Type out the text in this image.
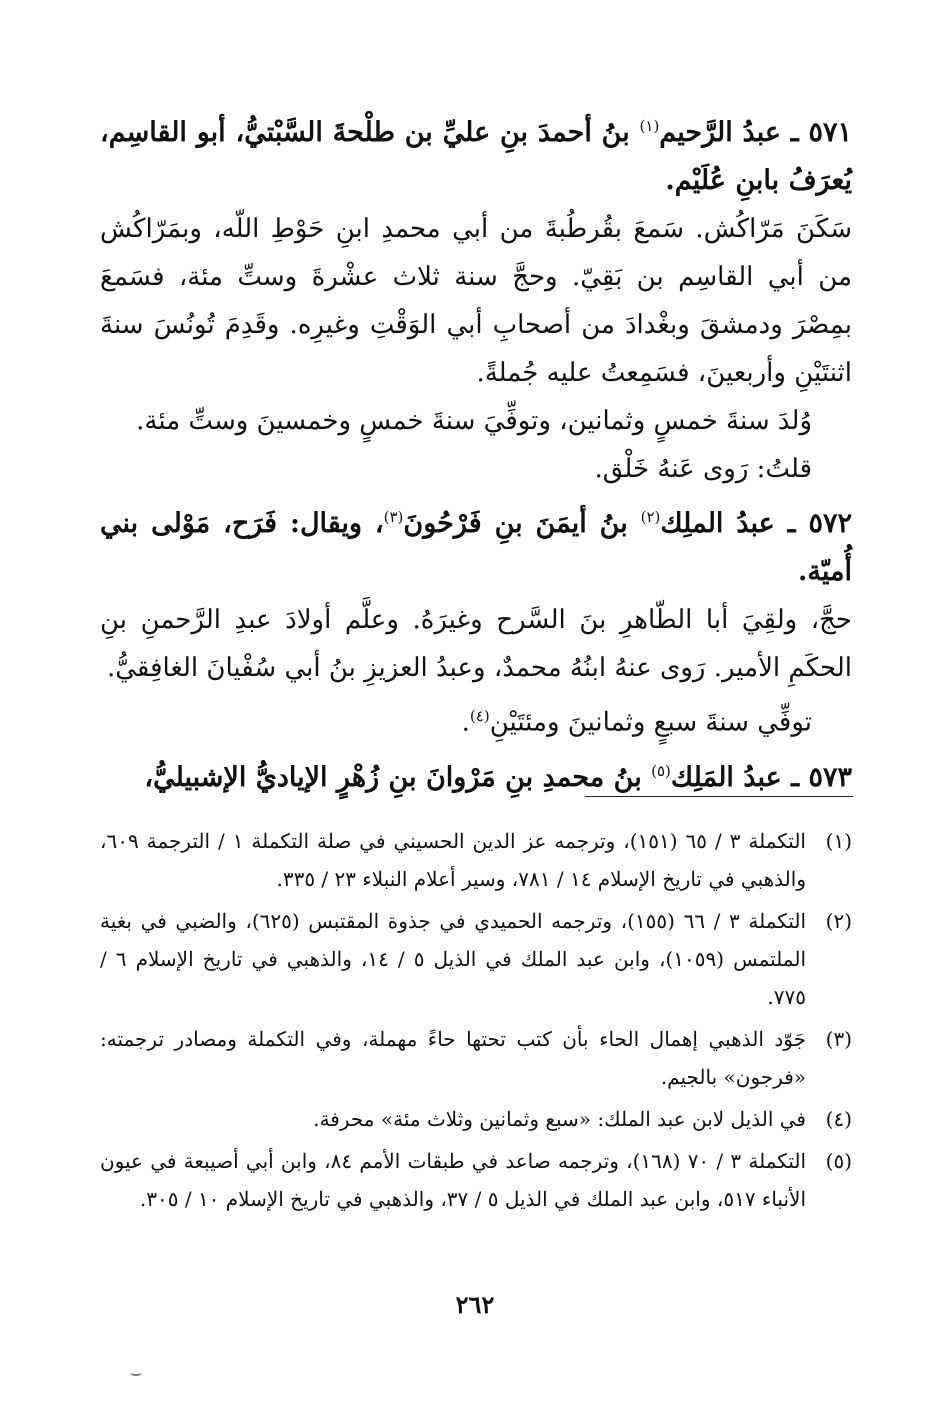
٥٧١ ـ عبدُ الرَّحيم$^{(١)}$ بنُ أحمدَ بنِ عليِّ بن طلْحةَ السَّبْتيُّ، أبو القاسِم، يُعرَفُ بابنِ عُلَيْم.

سَكَنَ مَرّاكُش. سَمعَ بقُرطُبةَ من أبي محمدِ ابنِ حَوْطِ اللّه، وبمَرّاكُش من أبي القاسِم بن بَقِيّ. وحجَّ سنة ثلاث عشْرةَ وستِّ مئة، فسَمعَ بمِصْرَ ودمشقَ وبغْدادَ من أصحابِ أبي الوَقْتِ وغيرِه. وقَدِمَ تُونُسَ سنةَ اثنتَيْنِ وأربعينَ، فسَمِعتُ عليه جُملةً.

وُلدَ سنةَ خمسٍ وثمانين، وتوفِّيَ سنةَ خمسٍ وخمسينَ وستِّ مئة.

قلتُ: رَوى عَنهُ خَلْق.

٥٧٢ ـ عبدُ الملِك$^{(٢)}$ بنُ أيمَنَ بنِ فَرْحُونَ$^{(٣)}$، ويقال: فَرَح، مَوْلى بني أُميّة.

حجَّ، ولقِيَ أبا الطّاهرِ بنَ السَّرح وغيرَهُ. وعلَّم أولادَ عبدِ الرَّحمنِ بنِ الحكَمِ الأمير. رَوى عنهُ ابنُهُ محمدٌ، وعبدُ العزيزِ بنُ أبي سُفْيانَ الغافِقيُّ.

توفِّي سنةَ سبعٍ وثمانينَ ومئتَيْنِ$^{(٤)}$.

٥٧٣ ـ عبدُ المَلِك$^{(٥)}$ بنُ محمدِ بنِ مَرْوانَ بنِ زُهْرٍ الإياديُّ الإشبيليُّ،

(١)
التكملة ٣ / ٦٥ (١٥١)، وترجمه عز الدين الحسيني في صلة التكملة ١ / الترجمة ٦٠٩، والذهبي في تاريخ الإسلام ١٤ / ٧٨١، وسير أعلام النبلاء ٢٣ / ٣٣٥.

(٢)
التكملة ٣ / ٦٦ (١٥٥)، وترجمه الحميدي في جذوة المقتبس (٦٢٥)، والضبي في بغية الملتمس (١٠٥٩)، وابن عبد الملك في الذيل ٥ / ١٤، والذهبي في تاريخ الإسلام ٦ / ٧٧٥.

(٣)
جَوّد الذهبي إهمال الحاء بأن كتب تحتها حاءً مهملة، وفي التكملة ومصادر ترجمته: «فرجون» بالجيم.

(٤)
في الذيل لابن عبد الملك: «سبع وثمانين وثلاث مئة» محرفة.

(٥)
التكملة ٣ / ٧٠ (١٦٨)، وترجمه صاعد في طبقات الأمم ٨٤، وابن أبي أصيبعة في عيون الأنباء ٥١٧، وابن عبد الملك في الذيل ٥ / ٣٧، والذهبي في تاريخ الإسلام ١٠ / ٣٠٥.

٢٦٢
